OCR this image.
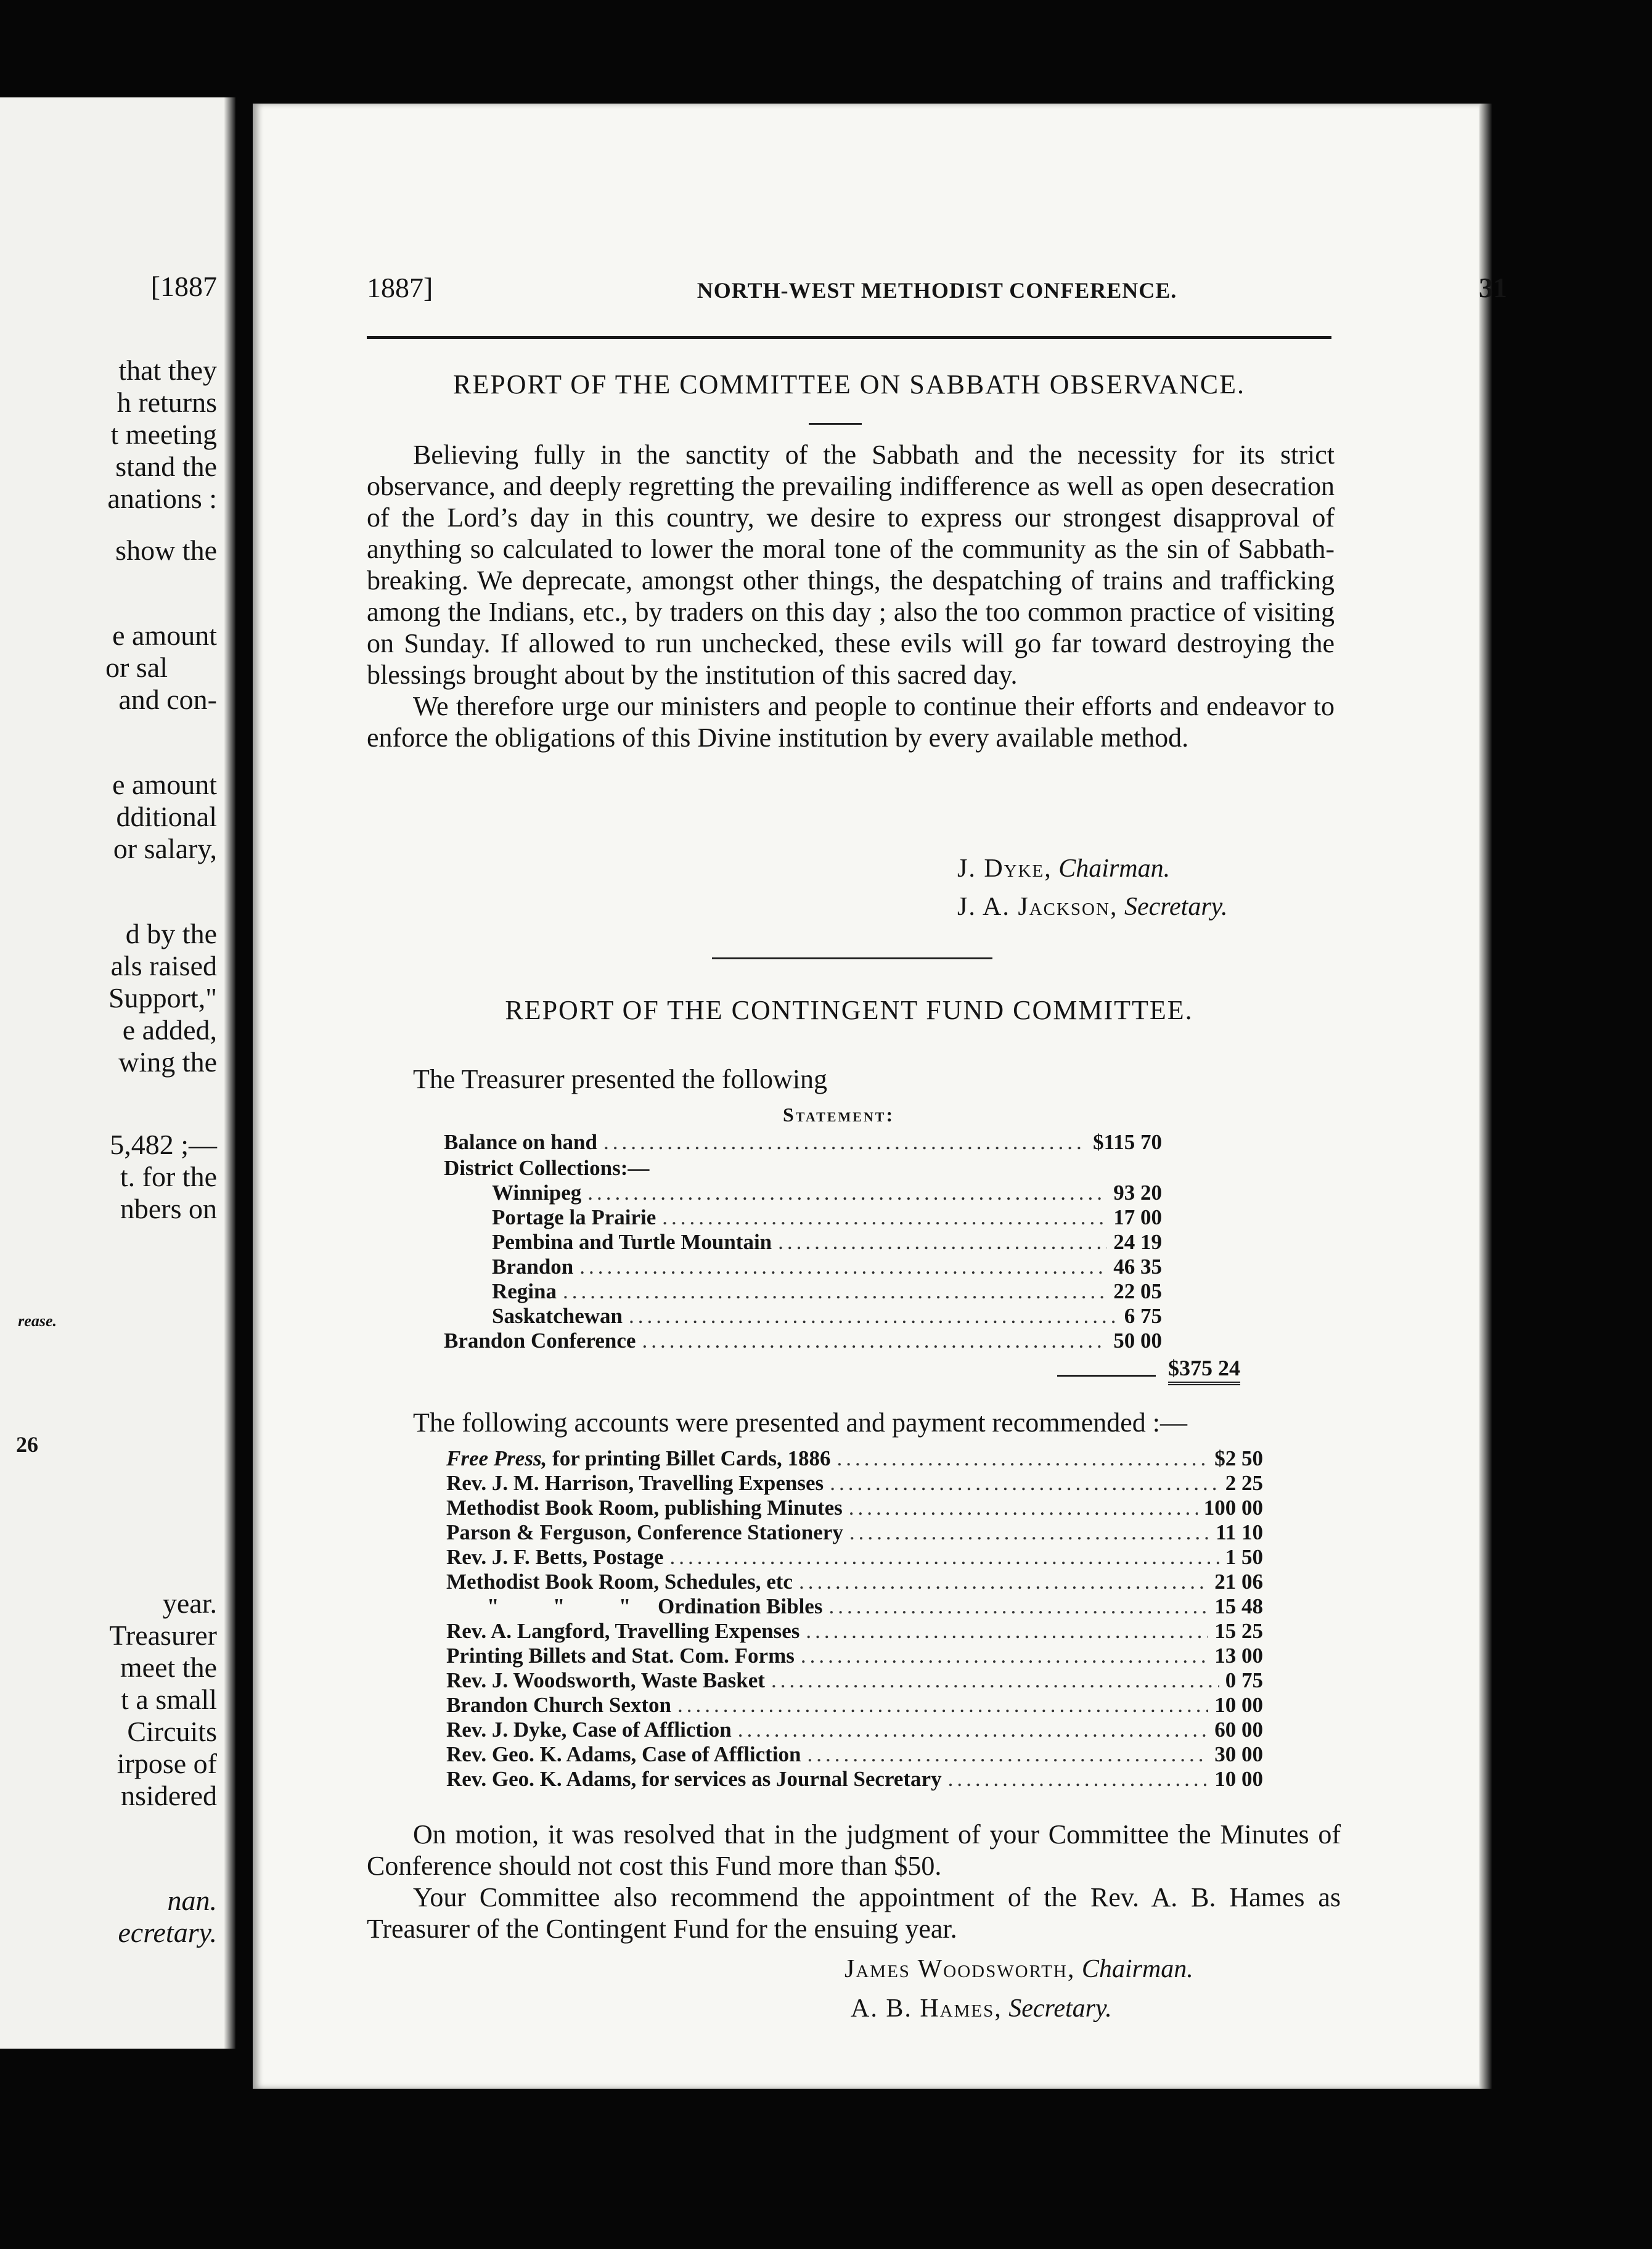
[1887
that they
h returns
t meeting
stand the
anations :
show the
e amount
or sal
and con-
e amount
dditional
or salary,
d by the
als raised
Support,"
e added,
wing the
5,482 ;—
t. for the
nbers on
rease.
26
year.
Treasurer
meet the
t a small
Circuits
irpose of
nsidered
nan.
ecretary.
1887]	NORTH-WEST METHODIST CONFERENCE.	31
REPORT OF THE COMMITTEE ON SABBATH OBSERVANCE.

Believing fully in the sanctity of the Sabbath and the necessity for its strict observance, and deeply regretting the prevailing indifference as well as open desecration of the Lord’s day in this country, we desire to express our strongest disapproval of anything so calculated to lower the moral tone of the community as the sin of Sabbath-breaking. We deprecate, amongst other things, the despatching of trains and trafficking among the Indians, etc., by traders on this day ; also the too common practice of visiting on Sunday. If allowed to run unchecked, these evils will go far toward destroying the blessings brought about by the institution of this sacred day.

We therefore urge our ministers and people to continue their efforts and endeavor to enforce the obligations of this Divine institution by every available method.

J. Dyke, Chairman.
J. A. Jackson, Secretary.
REPORT OF THE CONTINGENT FUND COMMITTEE.
The Treasurer presented the following
Statement:
Balance on hand .....	$115 70
District Collections:—
Winnipeg .....	93 20
Portage la Prairie .....	17 00
Pembina and Turtle Mountain .....	24 19
Brandon .....	46 35
Regina .....	22 05
Saskatchewan .....	6 75
Brandon Conference .....	50 00
$375 24
The following accounts were presented and payment recommended :—
Free Press, for printing Billet Cards, 1886 .....	$2 50
Rev. J. M. Harrison, Travelling Expenses .....	2 25
Methodist Book Room, publishing Minutes .....	100 00
Parson & Ferguson, Conference Stationery .....	11 10
Rev. J. F. Betts, Postage .....	1 50
Methodist Book Room, Schedules, etc .....	21 06
"          "          "     Ordination Bibles .....	15 48
Rev. A. Langford, Travelling Expenses .....	15 25
Printing Billets and Stat. Com. Forms .....	13 00
Rev. J. Woodsworth, Waste Basket .....	0 75
Brandon Church Sexton .....	10 00
Rev. J. Dyke, Case of Affliction .....	60 00
Rev. Geo. K. Adams, Case of Affliction .....	30 00
Rev. Geo. K. Adams, for services as Journal Secretary .....	10 00

On motion, it was resolved that in the judgment of your Committee the Minutes of Conference should not cost this Fund more than $50.

Your Committee also recommend the appointment of the Rev. A. B. Hames as Treasurer of the Contingent Fund for the ensuing year.

James Woodsworth, Chairman.
A. B. Hames, Secretary.
